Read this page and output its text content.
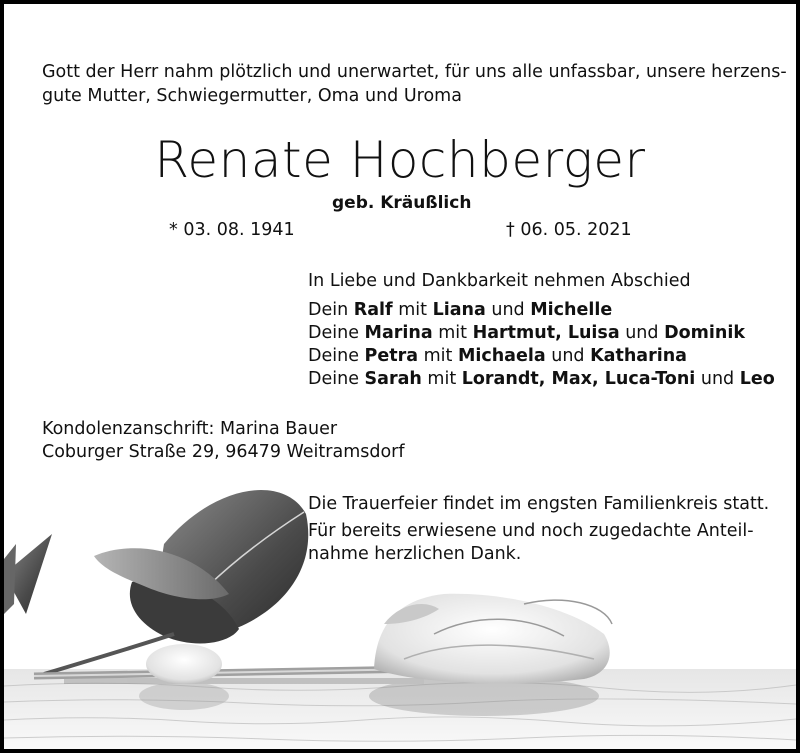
Gott der Herr nahm plötzlich und unerwartet, für uns alle unfassbar, unsere herzens-
gute Mutter, Schwiegermutter, Oma und Uroma
Renate Hochberger
geb. Kräußlich
* 03. 08. 1941	† 06. 05. 2021
In Liebe und Dankbarkeit nehmen Abschied
Dein Ralf mit Liana und Michelle
Deine Marina mit Hartmut, Luisa und Dominik
Deine Petra mit Michaela und Katharina
Deine Sarah mit Lorandt, Max, Luca-Toni und Leo
Kondolenzanschrift: Marina Bauer
Coburger Straße 29, 96479 Weitramsdorf
Die Trauerfeier findet im engsten Familienkreis statt.
Für bereits erwiesene und noch zugedachte Anteil-
nahme herzlichen Dank.
